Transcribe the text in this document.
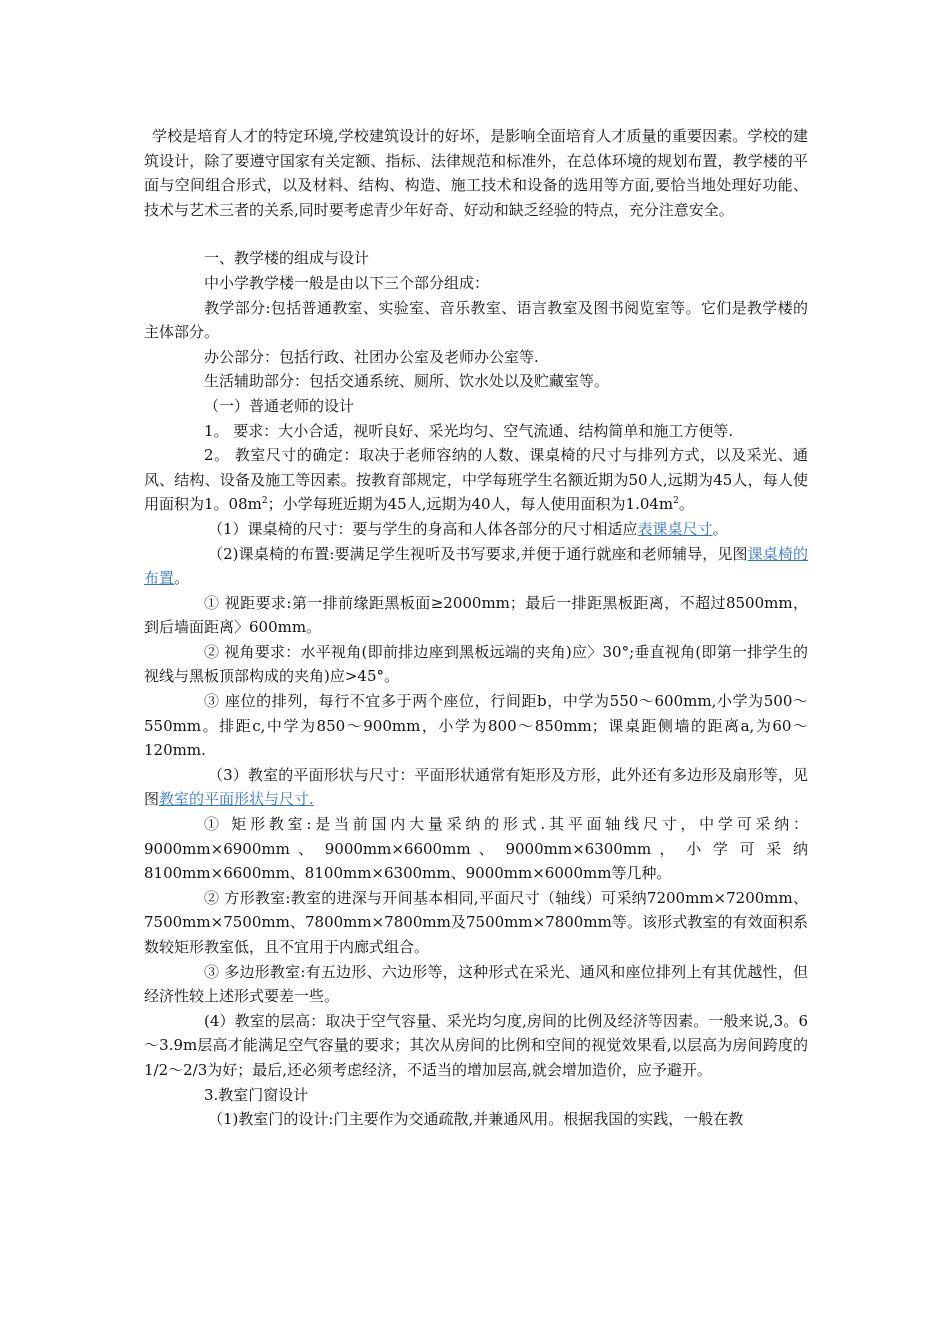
学校是培育人才的特定环境,学校建筑设计的好坏，是影响全面培育人才质量的重要因素。学校的建筑设计，除了要遵守国家有关定额、指标、法律规范和标准外，在总体环境的规划布置，教学楼的平面与空间组合形式，以及材料、结构、构造、施工技术和设备的选用等方面,要恰当地处理好功能、技术与艺术三者的关系,同时要考虑青少年好奇、好动和缺乏经验的特点，充分注意安全。

一、教学楼的组成与设计

中小学教学楼一般是由以下三个部分组成：

教学部分:包括普通教室、实验室、音乐教室、语言教室及图书阅览室等。它们是教学楼的主体部分。

办公部分：包括行政、社团办公室及老师办公室等.

生活辅助部分：包括交通系统、厕所、饮水处以及贮藏室等。

（一）普通老师的设计

1。 要求：大小合适，视听良好、采光均匀、空气流通、结构简单和施工方便等.

2。 教室尺寸的确定：取决于老师容纳的人数、课桌椅的尺寸与排列方式，以及采光、通风、结构、设备及施工等因素。按教育部规定，中学每班学生名额近期为50人,远期为45人，每人使用面积为1。$08m^2$；小学每班近期为45人,远期为40人，每人使用面积为$1.04m^2$。

（1）课桌椅的尺寸：要与学生的身高和人体各部分的尺寸相适应表课桌尺寸。

（2)课桌椅的布置:要满足学生视听及书写要求,并便于通行就座和老师辅导，见图课桌椅的布置。

① 视距要求:第一排前缘距黑板面≥2000mm；最后一排距黑板距离，不超过8500mm，到后墙面距离〉600mm。

② 视角要求：水平视角(即前排边座到黑板远端的夹角)应〉30°;垂直视角(即第一排学生的视线与黑板顶部构成的夹角)应>45°。

③ 座位的排列，每行不宜多于两个座位，行间距b，中学为550～600mm,小学为500～550mm。排距c,中学为850～900mm，小学为800～850mm；课桌距侧墙的距离a,为60～120mm.

（3）教室的平面形状与尺寸：平面形状通常有矩形及方形，此外还有多边形及扇形等，见图教室的平面形状与尺寸.

① 矩形教室:是当前国内大量采纳的形式.其平面轴线尺寸，中学可采纳：9000mm×6900mm 、 9000mm×6600mm 、 9000mm×6300mm ， 小 学 可 采 纳8100mm×6600mm、8100mm×6300mm、9000mm×6000mm等几种。

② 方形教室:教室的进深与开间基本相同,平面尺寸（轴线）可采纳7200mm×7200mm、7500mm×7500mm、7800mm×7800mm及7500mm×7800mm等。该形式教室的有效面积系数较矩形教室低，且不宜用于内廊式组合。

③ 多边形教室:有五边形、六边形等，这种形式在采光、通风和座位排列上有其优越性，但经济性较上述形式要差一些。

(4）教室的层高：取决于空气容量、采光均匀度,房间的比例及经济等因素。一般来说,3。6～3.9m层高才能满足空气容量的要求；其次从房间的比例和空间的视觉效果看,以层高为房间跨度的1/2～2/3为好；最后,还必须考虑经济，不适当的增加层高,就会增加造价，应予避开。

3.教室门窗设计

（1)教室门的设计:门主要作为交通疏散,并兼通风用。根据我国的实践，一般在教
